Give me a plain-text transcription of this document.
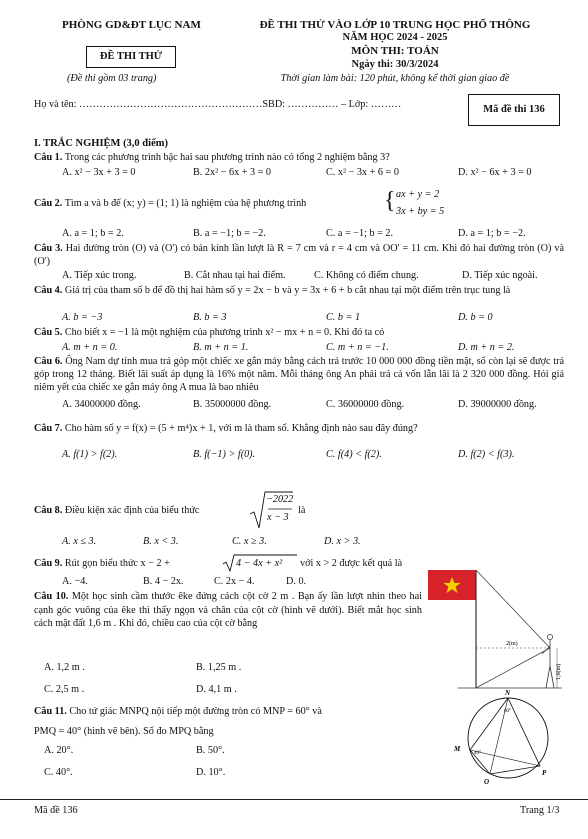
PHÒNG GD&ĐT LỤC NAM
ĐỀ THI THỬ
(Đề thi gồm 03 trang)
ĐỀ THI THỬ VÀO LỚP 10 TRUNG HỌC PHỔ THÔNG
NĂM HỌC 2024 - 2025
MÔN THI: TOÁN
Ngày thi: 30/3/2024
Thời gian làm bài: 120 phút, không kể thời gian giao đề
Họ và tên: ………………………………………………SBD: …………… – Lớp: ………	Mã đề thi 136
I. TRẮC NGHIỆM (3,0 điểm)
Câu 1. Trong các phương trình bậc hai sau phương trình nào có tổng 2 nghiệm bằng 3?
A. x² − 3x + 3 = 0	B. 2x² − 6x + 3 = 0	C. x² − 3x + 6 = 0	D. x² − 6x + 3 = 0
Câu 2. Tìm a và b để (x; y) = (1; 1) là nghiệm của hệ phương trình	{ ax + y = 2
3x + by = 5
A. a = 1; b = 2.	B. a = −1; b = −2.	C. a = −1; b = 2.	D. a = 1; b = −2.
Câu 3. Hai đường tròn (O) và (O') có bán kính lần lượt là R = 7 cm và r = 4 cm và OO' = 11 cm. Khi đó hai đường tròn (O) và (O')
A. Tiếp xúc trong.	B. Cắt nhau tại hai điểm.	C. Không có điểm chung.	D. Tiếp xúc ngoài.
Câu 4. Giá trị của tham số b để đồ thị hai hàm số y = 2x − b và y = 3x + 6 + b cắt nhau tại một điểm trên trục tung là
A. b = −3	B. b = 3	C. b = 1	D. b = 0
Câu 5. Cho biết x = −1 là một nghiệm của phương trình x² − mx + n = 0. Khi đó ta có
A. m + n = 0.	B. m + n = 1.	C. m + n = −1.	D. m + n = 2.
Câu 6. Ông Nam dự tính mua trả góp một chiếc xe gắn máy bằng cách trả trước 10 000 000 đồng tiền mặt, số còn lại sẽ được trả góp trong 12 tháng. Biết lãi suất áp dụng là 16% một năm. Mỗi tháng ông An phải trả cả vốn lẫn lãi là 2 320 000 đồng. Hỏi giá niêm yết của chiếc xe gắn máy ông A mua là bao nhiêu
A. 34000000 đồng.	B. 35000000 đồng.	C. 36000000 đồng.	D. 39000000 đồng.
Câu 7. Cho hàm số y = f(x) = (5 + m⁴)x + 1, với m là tham số. Khẳng định nào sau đây đúng?
A. f(1) > f(2).	B. f(−1) > f(0).	C. f(4) < f(2).	D. f(2) < f(3).
Câu 8. Điều kiện xác định của biểu thức
−2022
x − 3
là
A. x ≤ 3.	B. x < 3.	C. x ≥ 3.	D. x > 3.
Câu 9. Rút gọn biểu thức x − 2 +	4 − 4x + x² với x > 2 được kết quả là
A. −4.	B. 4 − 2x.	C. 2x − 4.	D. 0.
Câu 10. Một học sinh cầm thước êke đứng cách cột cờ 2 m . Bạn ấy lần lượt nhìn theo hai cạnh góc vuông của êke thì thấy ngọn và chân của cột cờ (hình vẽ dưới). Biết mắt học sinh cách mặt đất 1,6 m . Khi đó, chiều cao của cột cờ bằng
A. 1,2 m .	B. 1,25 m .
C. 2,5 m .	D. 4,1 m .
2(m)
1,6(m)
Câu 11. Cho tứ giác MNPQ nội tiếp một đường tròn có MNP = 60° và
PMQ = 40° (hình vẽ bên). Số đo MPQ bằng
A. 20°.	B. 50°.
C. 40°.	D. 10°.
N
M
Q
P
60°
40°
Mã đề 136	Trang 1/3
